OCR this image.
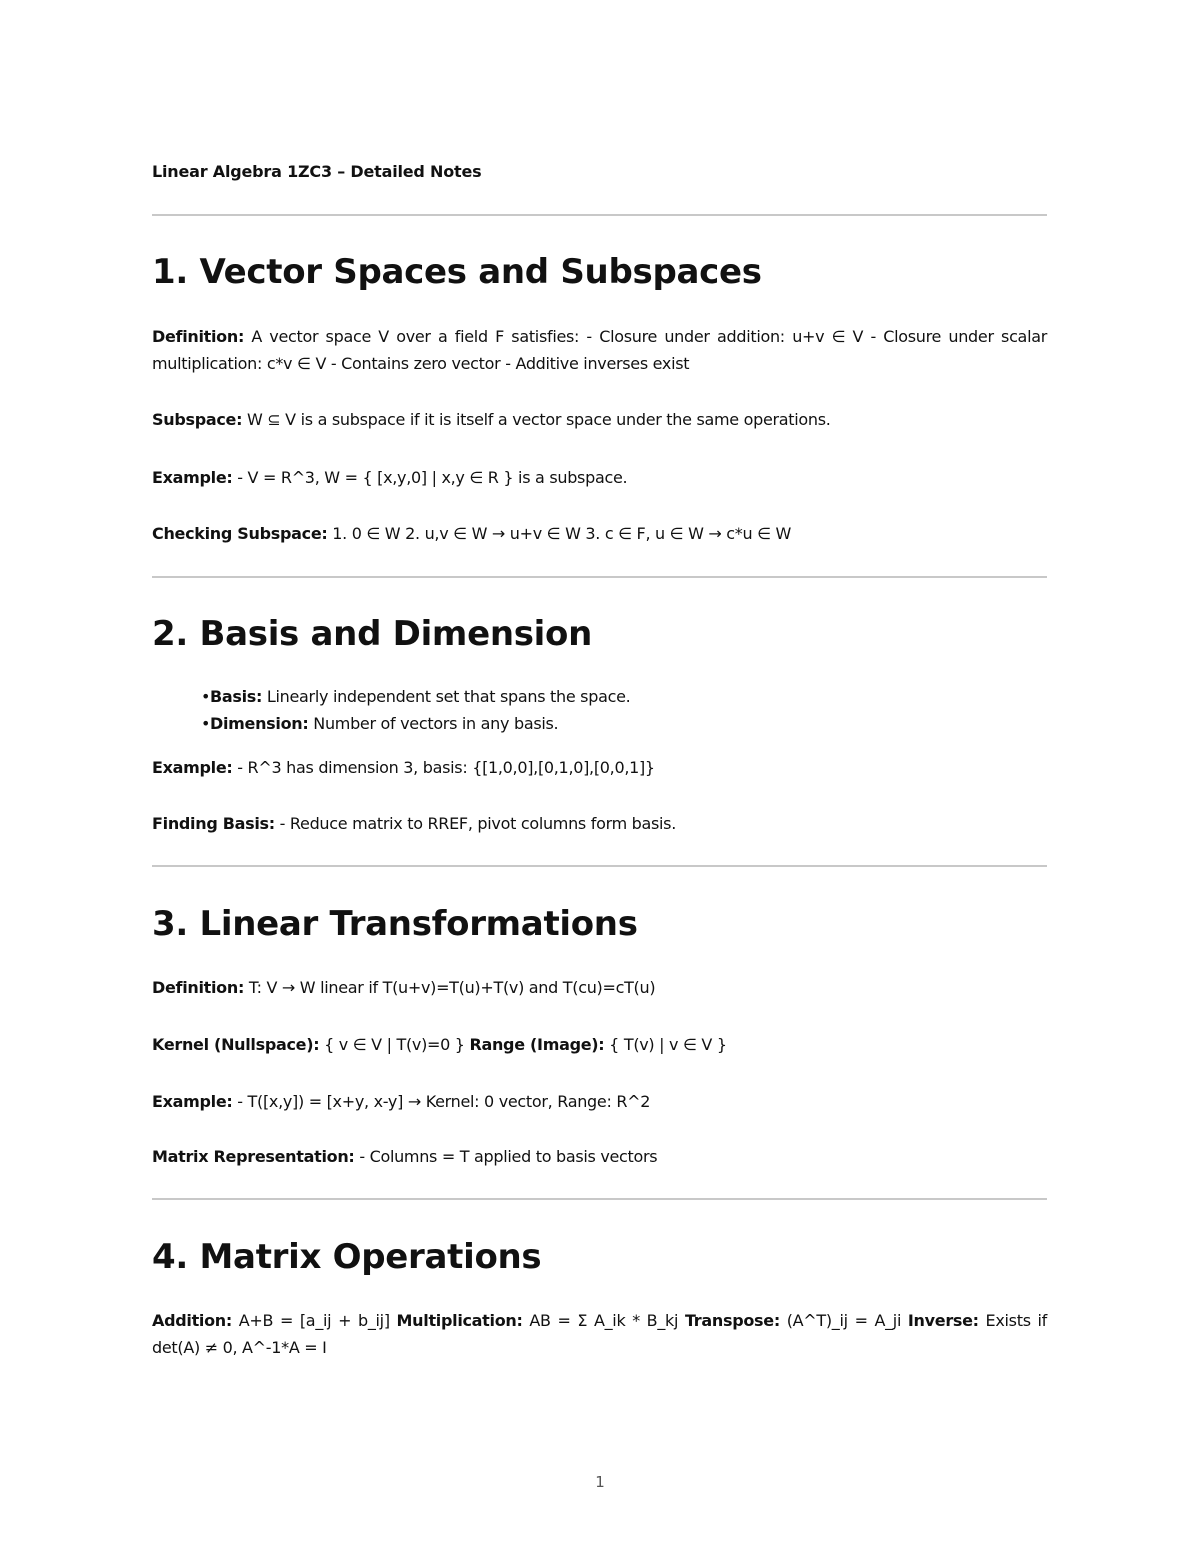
Linear Algebra 1ZC3 – Detailed Notes
1. Vector Spaces and Subspaces

Definition: A vector space V over a field F satisfies: - Closure under addition: u+v ∈ V - Closure under scalar multiplication: c*v ∈ V - Contains zero vector - Additive inverses exist

Subspace: W ⊆ V is a subspace if it is itself a vector space under the same operations.

Example: - V = R^3, W = { [x,y,0] | x,y ∈ R } is a subspace.

Checking Subspace: 1. 0 ∈ W 2. u,v ∈ W → u+v ∈ W 3. c ∈ F, u ∈ W → c*u ∈ W

2. Basis and Dimension
• Basis: Linearly independent set that spans the space.
• Dimension: Number of vectors in any basis.

Example: - R^3 has dimension 3, basis: {[1,0,0],[0,1,0],[0,0,1]}

Finding Basis: - Reduce matrix to RREF, pivot columns form basis.

3. Linear Transformations

Definition: T: V → W linear if T(u+v)=T(u)+T(v) and T(cu)=cT(u)

Kernel (Nullspace): { v ∈ V | T(v)=0 } Range (Image): { T(v) | v ∈ V }

Example: - T([x,y]) = [x+y, x-y] → Kernel: 0 vector, Range: R^2

Matrix Representation: - Columns = T applied to basis vectors

4. Matrix Operations

Addition: A+B = [a_ij + b_ij] Multiplication: AB = Σ A_ik * B_kj Transpose: (A^T)_ij = A_ji Inverse: Exists if det(A) ≠ 0, A^-1*A = I

1
